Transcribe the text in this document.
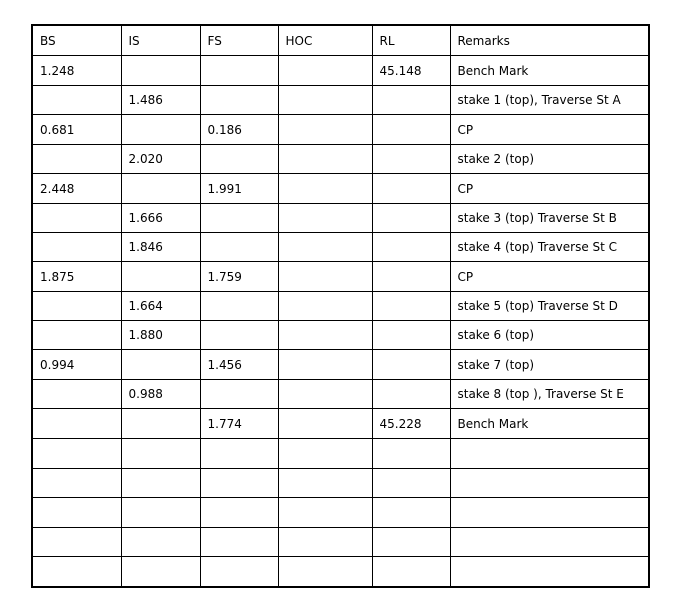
BS	IS	FS	HOC	RL	Remarks
1.248				45.148	Bench Mark
	1.486				stake 1 (top), Traverse St A
0.681		0.186			CP
	2.020				stake 2 (top)
2.448		1.991			CP
	1.666				stake 3 (top) Traverse St B
	1.846				stake 4 (top) Traverse St C
1.875		1.759			CP
	1.664				stake 5 (top) Traverse St D
	1.880				stake 6 (top)
0.994		1.456			stake 7 (top)
	0.988				stake 8 (top ), Traverse St E
		1.774		45.228	Bench Mark
